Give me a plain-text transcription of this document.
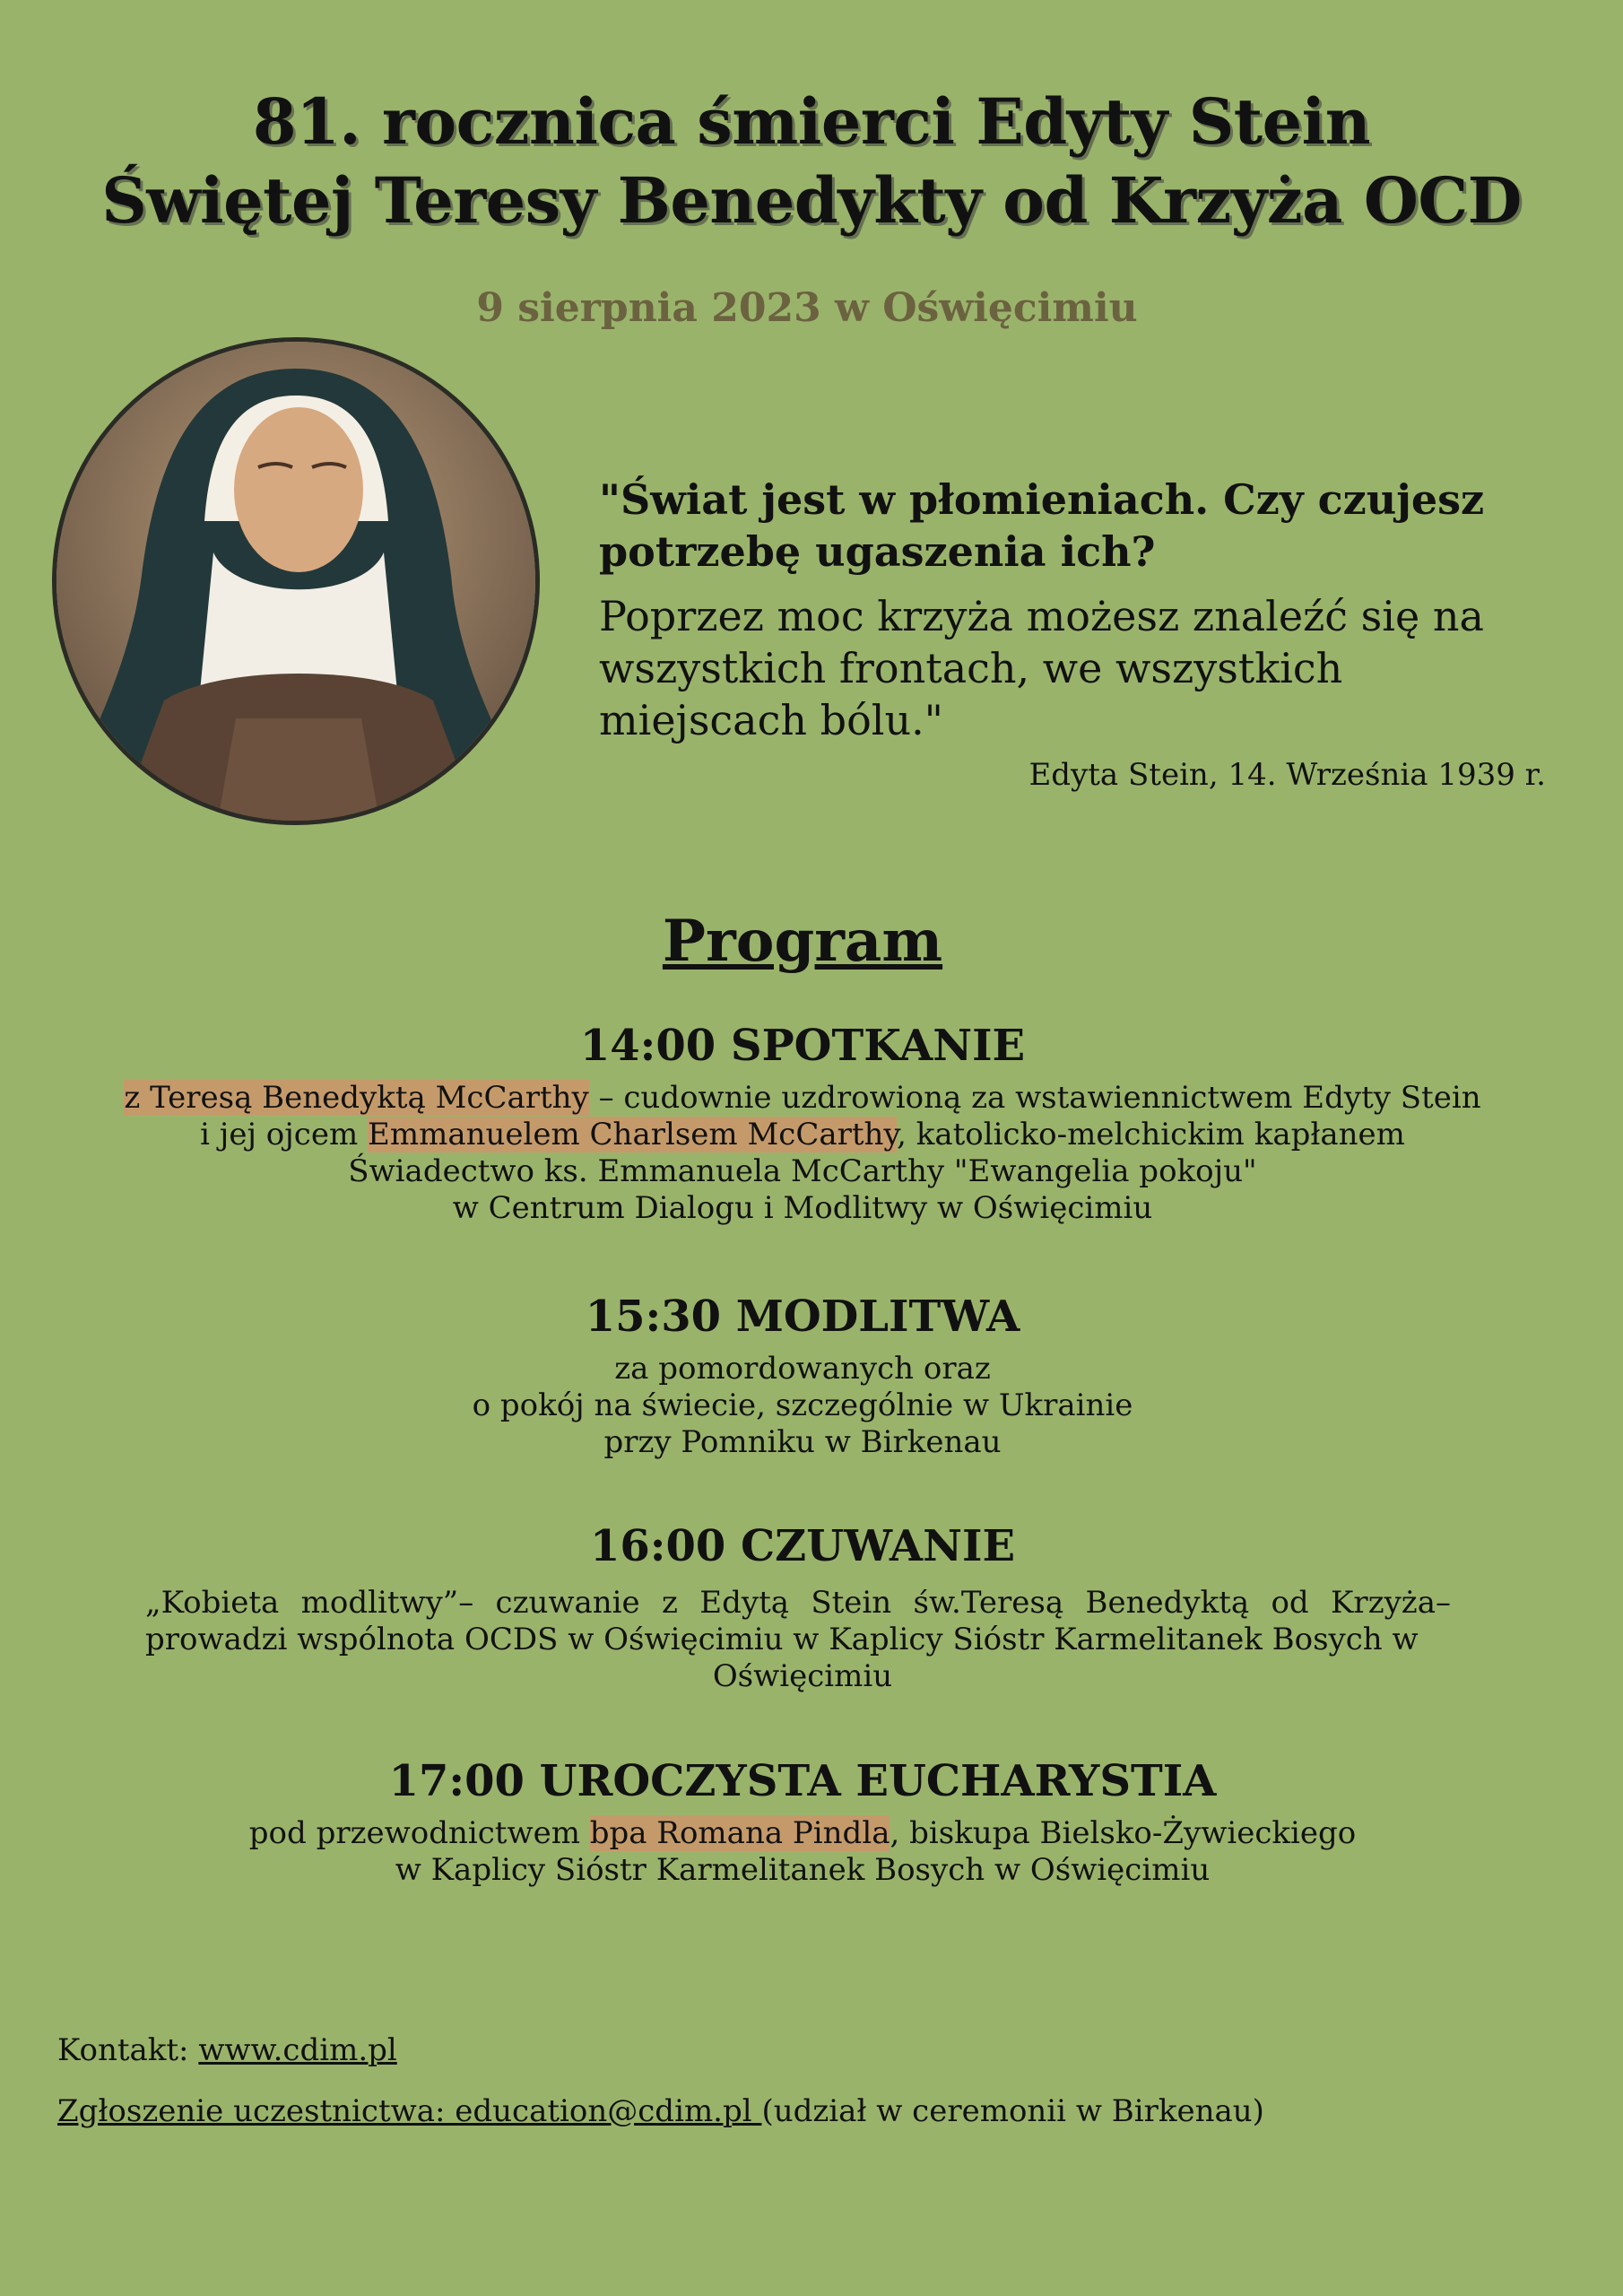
81. rocznica śmierci Edyty Stein
Świętej Teresy Benedykty od Krzyża OCD
9 sierpnia 2023 w Oświęcimiu
"Świat jest w płomieniach. Czy czujesz
potrzebę ugaszenia ich?
Poprzez moc krzyża możesz znaleźć się na
wszystkich frontach, we wszystkich
miejscach bólu."
Edyta Stein, 14. Września 1939 r.
Program
14:00 SPOTKANIE
z Teresą Benedyktą McCarthy – cudownie uzdrowioną za wstawiennictwem Edyty Stein
i jej ojcem Emmanuelem Charlsem McCarthy, katolicko-melchickim kapłanem
Świadectwo ks. Emmanuela McCarthy "Ewangelia pokoju"
w Centrum Dialogu i Modlitwy w Oświęcimiu
15:30 MODLITWA
za pomordowanych oraz
o pokój na świecie, szczególnie w Ukrainie
przy Pomniku w Birkenau
16:00 CZUWANIE
„Kobieta modlitwy”– czuwanie z Edytą Stein św.Teresą Benedyktą od Krzyża– prowadzi wspólnota OCDS w Oświęcimiu w Kaplicy Sióstr Karmelitanek Bosych w
Oświęcimiu
17:00 UROCZYSTA EUCHARYSTIA
pod przewodnictwem bpa Romana Pindla, biskupa Bielsko-Żywieckiego
w Kaplicy Sióstr Karmelitanek Bosych w Oświęcimiu
Kontakt: www.cdim.pl
Zgłoszenie uczestnictwa: education@cdim.pl (udział w ceremonii w Birkenau)
